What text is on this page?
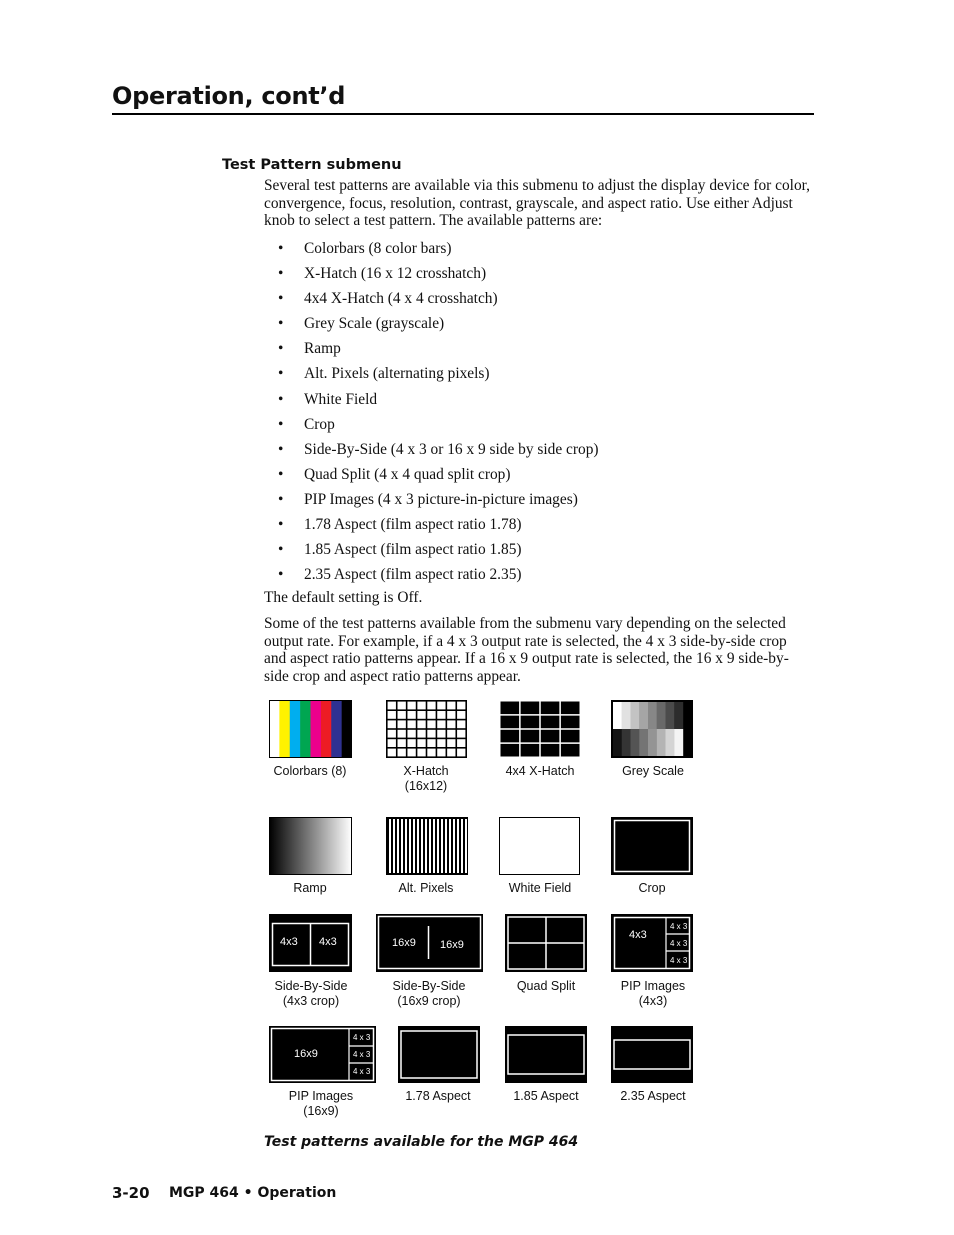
Operation, cont’d
Test Pattern submenu

Several test patterns are available via this submenu to adjust the display device for color, convergence, focus, resolution, contrast, grayscale, and aspect ratio. Use either Adjust knob to select a test pattern. The available patterns are:

• Colorbars (8 color bars)
• X-Hatch (16 x 12 crosshatch)
• 4x4 X-Hatch (4 x 4 crosshatch)
• Grey Scale (grayscale)
• Ramp
• Alt. Pixels (alternating pixels)
• White Field
• Crop
• Side-By-Side (4 x 3 or 16 x 9 side by side crop)
• Quad Split (4 x 4 quad split crop)
• PIP Images (4 x 3 picture-in-picture images)
• 1.78 Aspect (film aspect ratio 1.78)
• 1.85 Aspect (film aspect ratio 1.85)
• 2.35 Aspect (film aspect ratio 2.35)

The default setting is Off.

Some of the test patterns available from the submenu vary depending on the selected output rate. For example, if a 4 x 3 output rate is selected, the 4 x 3 side-by-side crop and aspect ratio patterns appear. If a 16 x 9 output rate is selected, the 16 x 9 side-by-side crop and aspect ratio patterns appear.

Colorbars (8)	X-Hatch
(16x12)
4x4 X-Hatch	Grey Scale
Ramp	Alt. Pixels	White Field	Crop
4x3 4x3
Side-By-Side
(4x3 crop)
16x9 16x9
Side-By-Side
(16x9 crop)
Quad Split
4x3
4 x 3
4 x 3
4 x 3
PIP Images
(4x3)
16x9
4 x 3
4 x 3
4 x 3
PIP Images
(16x9)
1.78 Aspect	1.85 Aspect	2.35 Aspect

Test patterns available for the MGP 464

3-20 MGP 464 • Operation
